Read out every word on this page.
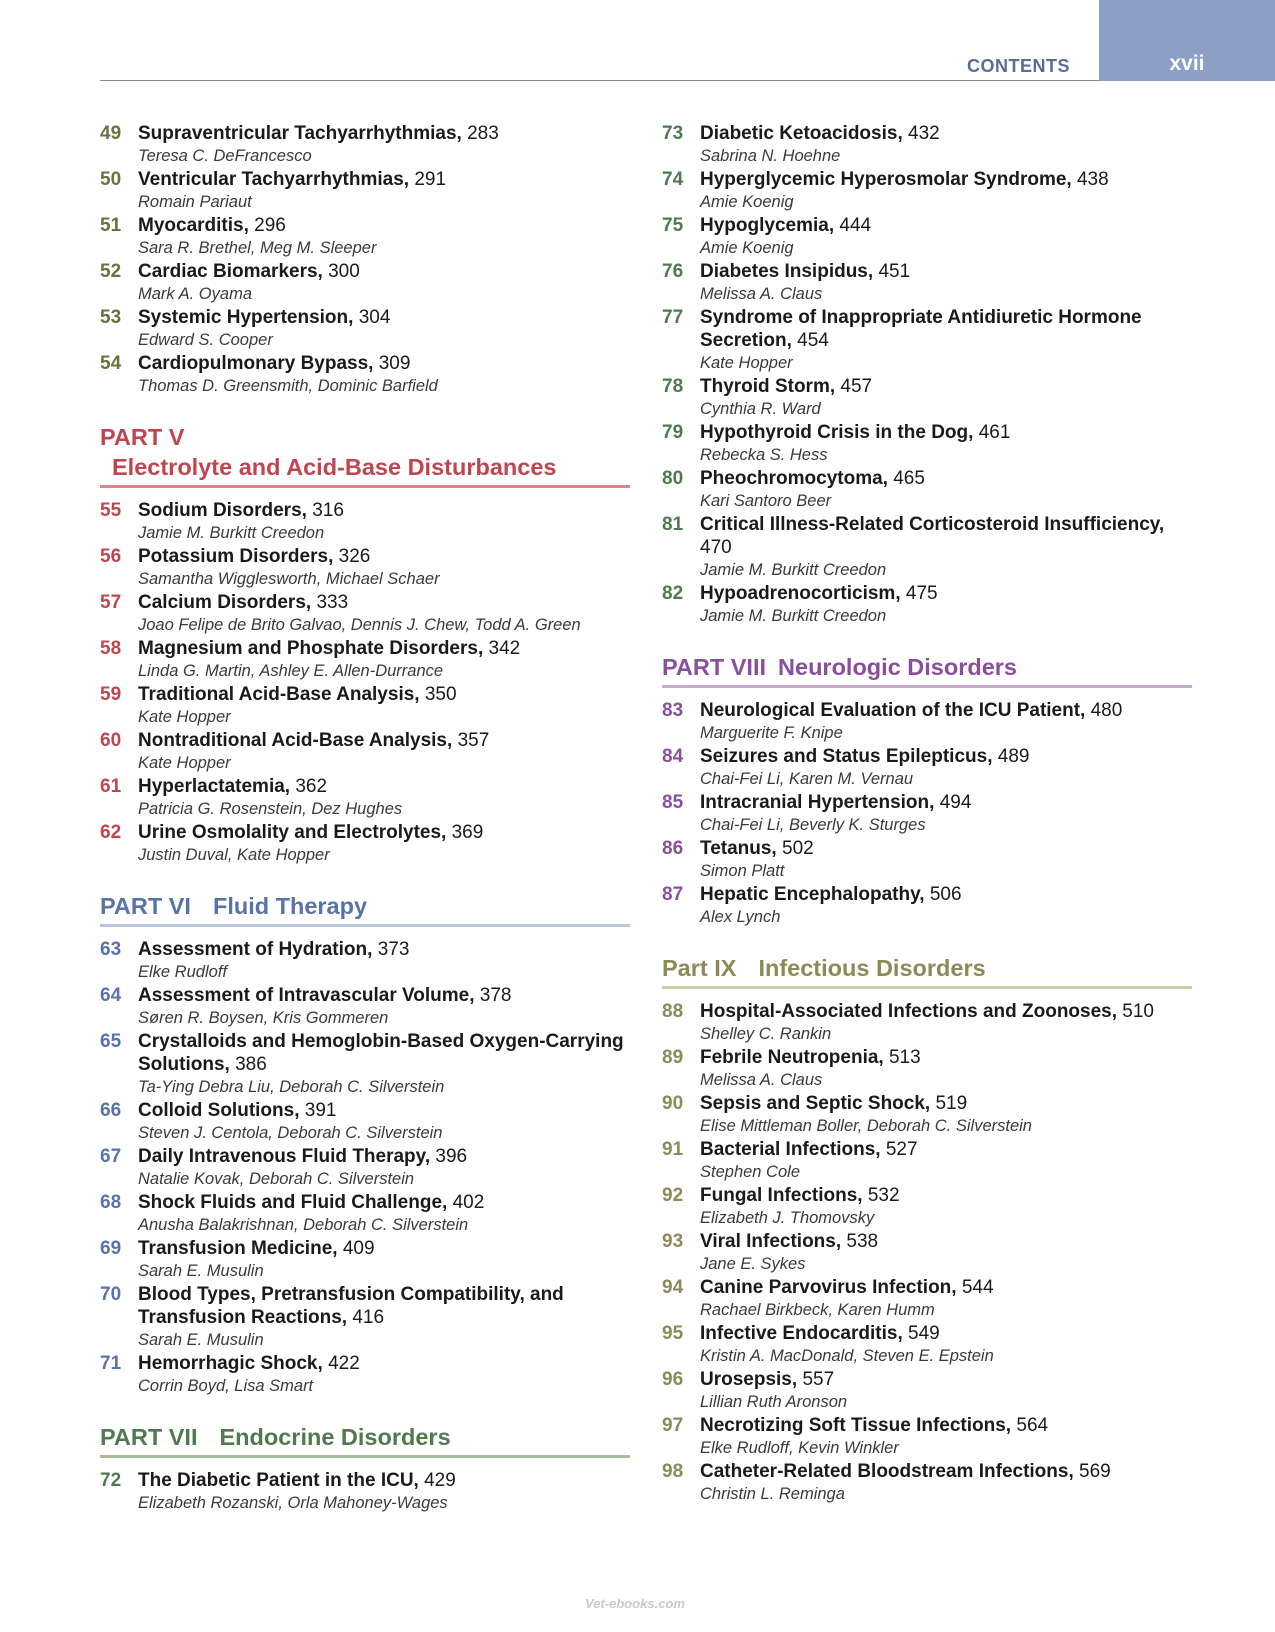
xvii
CONTENTS
49 Supraventricular Tachyarrhythmias, 283
Teresa C. DeFrancesco
50 Ventricular Tachyarrhythmias, 291
Romain Pariaut
51 Myocarditis, 296
Sara R. Brethel, Meg M. Sleeper
52 Cardiac Biomarkers, 300
Mark A. Oyama
53 Systemic Hypertension, 304
Edward S. Cooper
54 Cardiopulmonary Bypass, 309
Thomas D. Greensmith, Dominic Barfield
PART VElectrolyte and Acid-Base Disturbances
55 Sodium Disorders, 316
Jamie M. Burkitt Creedon
56 Potassium Disorders, 326
Samantha Wigglesworth, Michael Schaer
57 Calcium Disorders, 333
Joao Felipe de Brito Galvao, Dennis J. Chew, Todd A. Green
58 Magnesium and Phosphate Disorders, 342
Linda G. Martin, Ashley E. Allen-Durrance
59 Traditional Acid-Base Analysis, 350
Kate Hopper
60 Nontraditional Acid-Base Analysis, 357
Kate Hopper
61 Hyperlactatemia, 362
Patricia G. Rosenstein, Dez Hughes
62 Urine Osmolality and Electrolytes, 369
Justin Duval, Kate Hopper
PART VI Fluid Therapy
63 Assessment of Hydration, 373
Elke Rudloff
64 Assessment of Intravascular Volume, 378
Søren R. Boysen, Kris Gommeren
65 Crystalloids and Hemoglobin-Based Oxygen-Carrying Solutions, 386
Ta-Ying Debra Liu, Deborah C. Silverstein
66 Colloid Solutions, 391
Steven J. Centola, Deborah C. Silverstein
67 Daily Intravenous Fluid Therapy, 396
Natalie Kovak, Deborah C. Silverstein
68 Shock Fluids and Fluid Challenge, 402
Anusha Balakrishnan, Deborah C. Silverstein
69 Transfusion Medicine, 409
Sarah E. Musulin
70 Blood Types, Pretransfusion Compatibility, and Transfusion Reactions, 416
Sarah E. Musulin
71 Hemorrhagic Shock, 422
Corrin Boyd, Lisa Smart
PART VII Endocrine Disorders
72 The Diabetic Patient in the ICU, 429
Elizabeth Rozanski, Orla Mahoney-Wages
73 Diabetic Ketoacidosis, 432
Sabrina N. Hoehne
74 Hyperglycemic Hyperosmolar Syndrome, 438
Amie Koenig
75 Hypoglycemia, 444
Amie Koenig
76 Diabetes Insipidus, 451
Melissa A. Claus
77 Syndrome of Inappropriate Antidiuretic Hormone Secretion, 454
Kate Hopper
78 Thyroid Storm, 457
Cynthia R. Ward
79 Hypothyroid Crisis in the Dog, 461
Rebecka S. Hess
80 Pheochromocytoma, 465
Kari Santoro Beer
81 Critical Illness-Related Corticosteroid Insufficiency, 470
Jamie M. Burkitt Creedon
82 Hypoadrenocorticism, 475
Jamie M. Burkitt Creedon
PART VIII Neurologic Disorders
83 Neurological Evaluation of the ICU Patient, 480
Marguerite F. Knipe
84 Seizures and Status Epilepticus, 489
Chai-Fei Li, Karen M. Vernau
85 Intracranial Hypertension, 494
Chai-Fei Li, Beverly K. Sturges
86 Tetanus, 502
Simon Platt
87 Hepatic Encephalopathy, 506
Alex Lynch
Part IX Infectious Disorders
88 Hospital-Associated Infections and Zoonoses, 510
Shelley C. Rankin
89 Febrile Neutropenia, 513
Melissa A. Claus
90 Sepsis and Septic Shock, 519
Elise Mittleman Boller, Deborah C. Silverstein
91 Bacterial Infections, 527
Stephen Cole
92 Fungal Infections, 532
Elizabeth J. Thomovsky
93 Viral Infections, 538
Jane E. Sykes
94 Canine Parvovirus Infection, 544
Rachael Birkbeck, Karen Humm
95 Infective Endocarditis, 549
Kristin A. MacDonald, Steven E. Epstein
96 Urosepsis, 557
Lillian Ruth Aronson
97 Necrotizing Soft Tissue Infections, 564
Elke Rudloff, Kevin Winkler
98 Catheter-Related Bloodstream Infections, 569
Christin L. Reminga
Vet-ebooks.com
